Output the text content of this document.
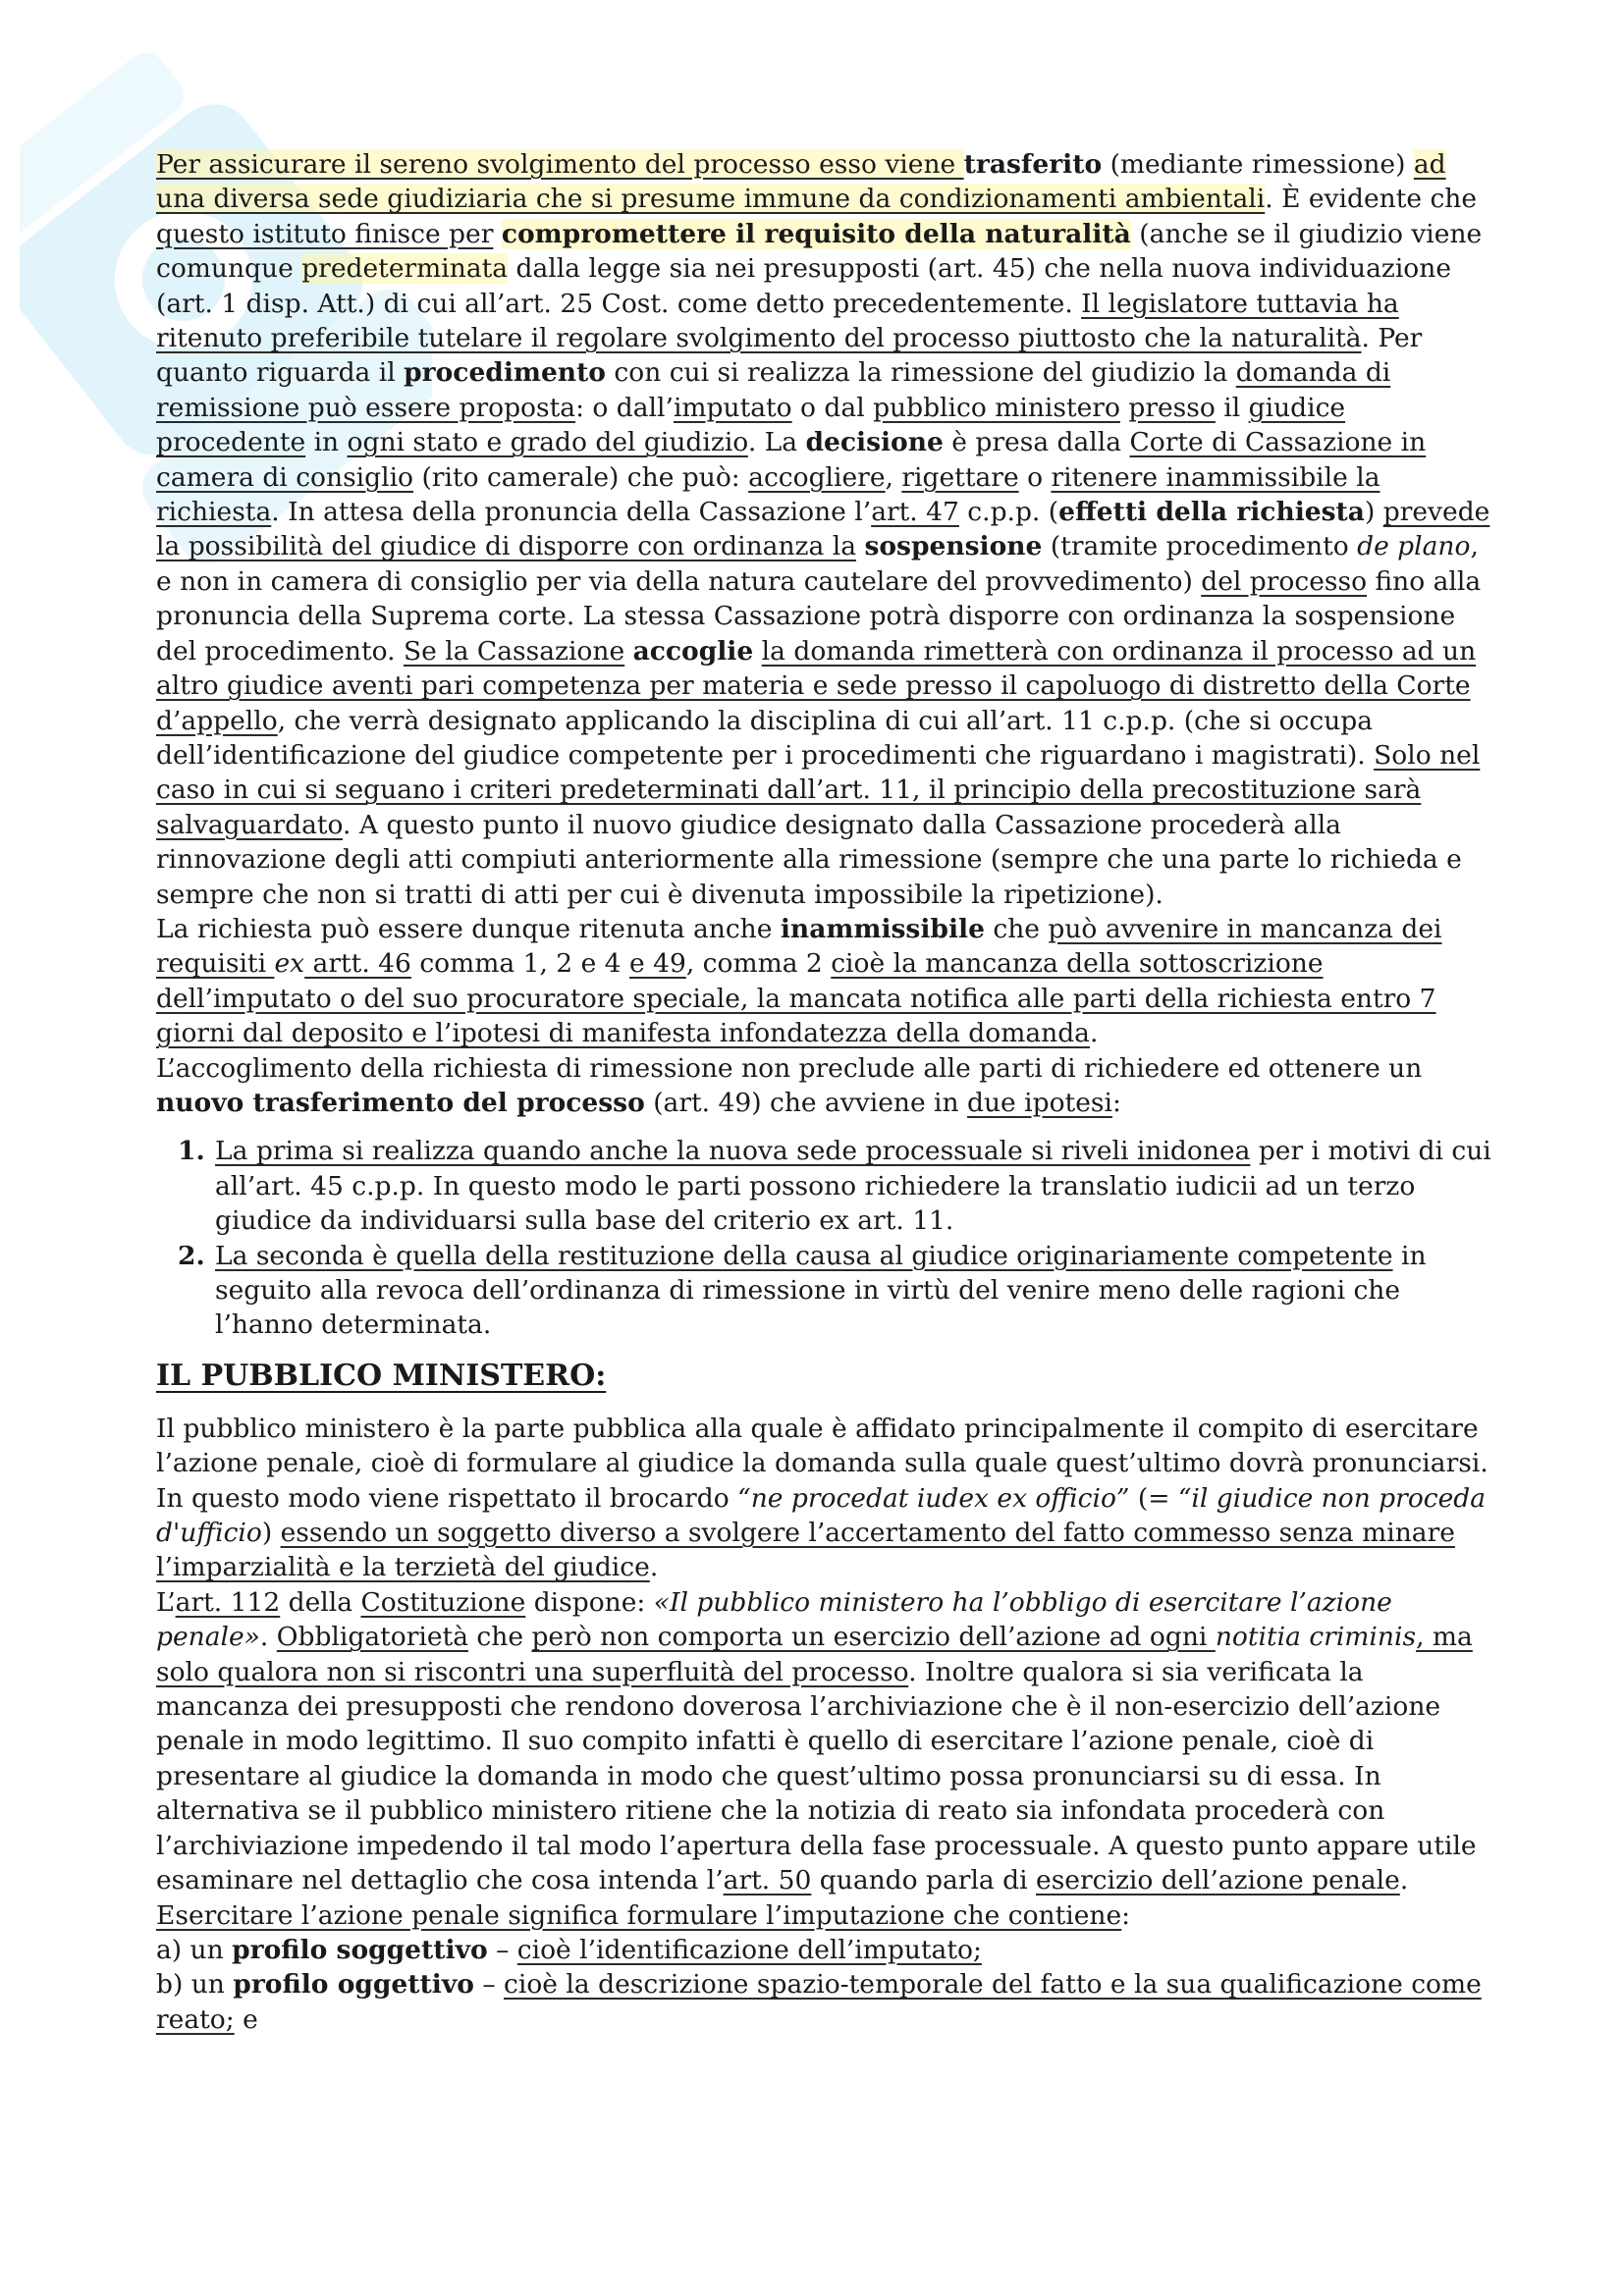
Per assicurare il sereno svolgimento del processo esso viene trasferito (mediante rimessione) ad una diversa sede giudiziaria che si presume immune da condizionamenti ambientali. È evidente che questo istituto finisce per compromettere il requisito della naturalità (anche se il giudizio viene comunque predeterminata dalla legge sia nei presupposti (art. 45) che nella nuova individuazione (art. 1 disp. Att.) di cui all’art. 25 Cost. come detto precedentemente. Il legislatore tuttavia ha ritenuto preferibile tutelare il regolare svolgimento del processo piuttosto che la naturalità. Per quanto riguarda il procedimento con cui si realizza la rimessione del giudizio la domanda di remissione può essere proposta: o dall’imputato o dal pubblico ministero presso il giudice procedente in ogni stato e grado del giudizio. La decisione è presa dalla Corte di Cassazione in camera di consiglio (rito camerale) che può: accogliere, rigettare o ritenere inammissibile la richiesta. In attesa della pronuncia della Cassazione l’art. 47 c.p.p. (effetti della richiesta) prevede la possibilità del giudice di disporre con ordinanza la sospensione (tramite procedimento de plano, e non in camera di consiglio per via della natura cautelare del provvedimento) del processo fino alla pronuncia della Suprema corte. La stessa Cassazione potrà disporre con ordinanza la sospensione del procedimento. Se la Cassazione accoglie la domanda rimetterà con ordinanza il processo ad un altro giudice aventi pari competenza per materia e sede presso il capoluogo di distretto della Corte d’appello, che verrà designato applicando la disciplina di cui all’art. 11 c.p.p. (che si occupa dell’identificazione del giudice competente per i procedimenti che riguardano i magistrati). Solo nel caso in cui si seguano i criteri predeterminati dall’art. 11, il principio della precostituzione sarà salvaguardato. A questo punto il nuovo giudice designato dalla Cassazione procederà alla rinnovazione degli atti compiuti anteriormente alla rimessione (sempre che una parte lo richieda e sempre che non si tratti di atti per cui è divenuta impossibile la ripetizione).

La richiesta può essere dunque ritenuta anche inammissibile che può avvenire in mancanza dei requisiti ex artt. 46 comma 1, 2 e 4 e 49, comma 2 cioè la mancanza della sottoscrizione dell’imputato o del suo procuratore speciale, la mancata notifica alle parti della richiesta entro 7 giorni dal deposito e l’ipotesi di manifesta infondatezza della domanda.

L’accoglimento della richiesta di rimessione non preclude alle parti di richiedere ed ottenere un nuovo trasferimento del processo (art. 49) che avviene in due ipotesi:

La prima si realizza quando anche la nuova sede processuale si riveli inidonea per i motivi di cui all’art. 45 c.p.p. In questo modo le parti possono richiedere la translatio iudicii ad un terzo giudice da individuarsi sulla base del criterio ex art. 11.
La seconda è quella della restituzione della causa al giudice originariamente competente in seguito alla revoca dell’ordinanza di rimessione in virtù del venire meno delle ragioni che l’hanno determinata.
IL PUBBLICO MINISTERO:

Il pubblico ministero è la parte pubblica alla quale è affidato principalmente il compito di esercitare l’azione penale, cioè di formulare al giudice la domanda sulla quale quest’ultimo dovrà pronunciarsi. In questo modo viene rispettato il brocardo “ne procedat iudex ex officio” (= “il giudice non proceda d'ufficio) essendo un soggetto diverso a svolgere l’accertamento del fatto commesso senza minare l’imparzialità e la terzietà del giudice.

L’art. 112 della Costituzione dispone: «Il pubblico ministero ha l’obbligo di esercitare l’azione penale». Obbligatorietà che però non comporta un esercizio dell’azione ad ogni notitia criminis, ma solo qualora non si riscontri una superfluità del processo. Inoltre qualora si sia verificata la mancanza dei presupposti che rendono doverosa l’archiviazione che è il non-esercizio dell’azione penale in modo legittimo. Il suo compito infatti è quello di esercitare l’azione penale, cioè di presentare al giudice la domanda in modo che quest’ultimo possa pronunciarsi su di essa. In alternativa se il pubblico ministero ritiene che la notizia di reato sia infondata procederà con l’archiviazione impedendo il tal modo l’apertura della fase processuale. A questo punto appare utile esaminare nel dettaglio che cosa intenda l’art. 50 quando parla di esercizio dell’azione penale.

Esercitare l’azione penale significa formulare l’imputazione che contiene:

a) un profilo soggettivo – cioè l’identificazione dell’imputato;

b) un profilo oggettivo – cioè la descrizione spazio-temporale del fatto e la sua qualificazione come reato; e
